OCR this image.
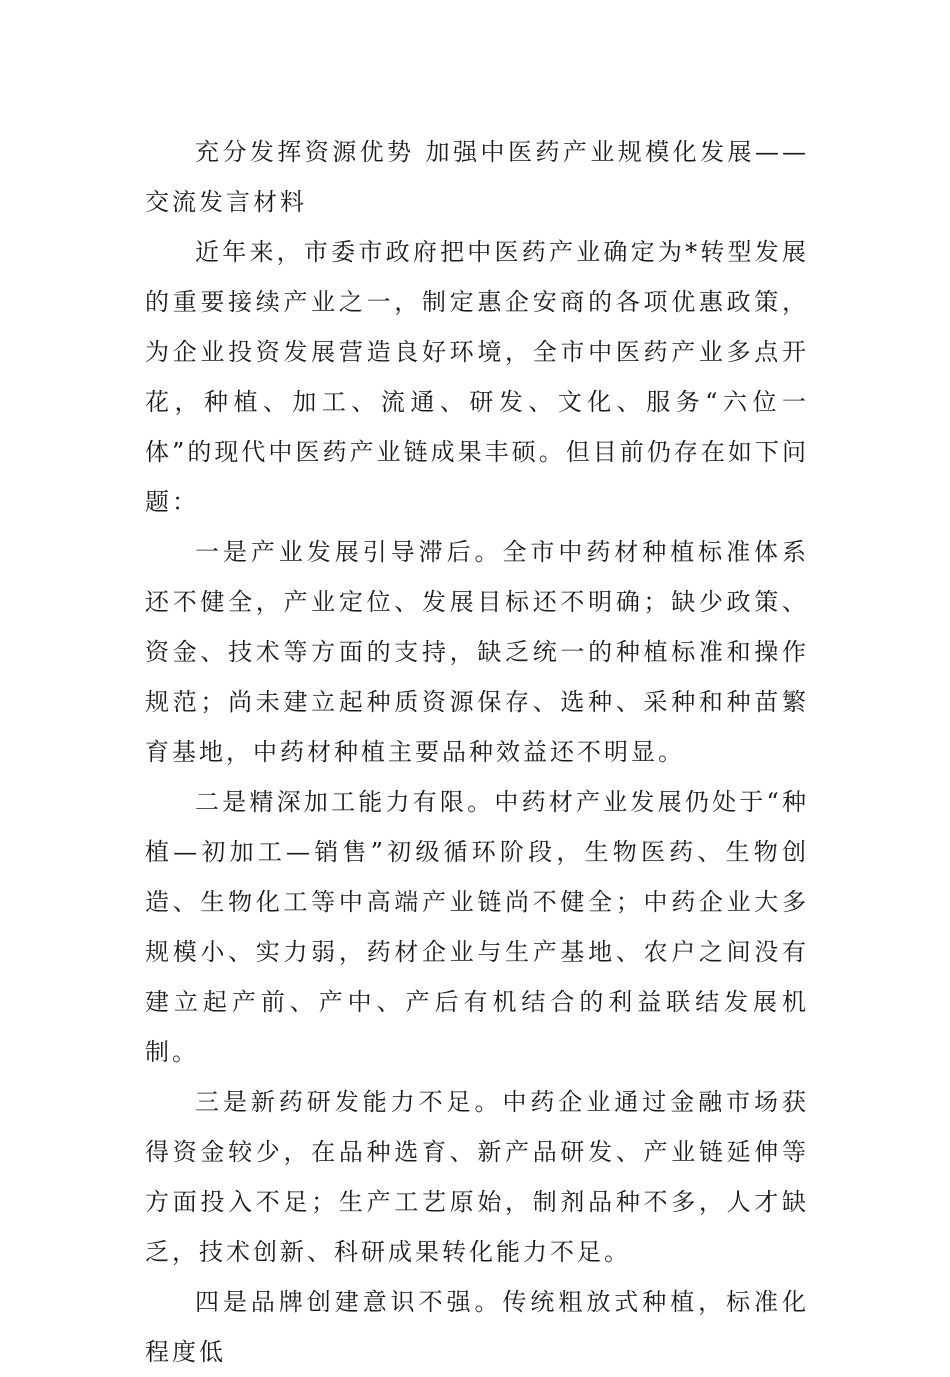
充分发挥资源优势 加强中医药产业规模化发展——交流发言材料

近年来，市委市政府把中医药产业确定为*转型发展的重要接续产业之一，制定惠企安商的各项优惠政策，为企业投资发展营造良好环境，全市中医药产业多点开花，种植、加工、流通、研发、文化、服务“六位一体”的现代中医药产业链成果丰硕。但目前仍存在如下问题：

一是产业发展引导滞后。全市中药材种植标准体系还不健全，产业定位、发展目标还不明确；缺少政策、资金、技术等方面的支持，缺乏统一的种植标准和操作规范；尚未建立起种质资源保存、选种、采种和种苗繁育基地，中药材种植主要品种效益还不明显。

二是精深加工能力有限。中药材产业发展仍处于“种植—初加工—销售”初级循环阶段，生物医药、生物创造、生物化工等中高端产业链尚不健全；中药企业大多规模小、实力弱，药材企业与生产基地、农户之间没有建立起产前、产中、产后有机结合的利益联结发展机制。

三是新药研发能力不足。中药企业通过金融市场获得资金较少，在品种选育、新产品研发、产业链延伸等方面投入不足；生产工艺原始，制剂品种不多，人才缺乏，技术创新、科研成果转化能力不足。

四是品牌创建意识不强。传统粗放式种植，标准化程度低
